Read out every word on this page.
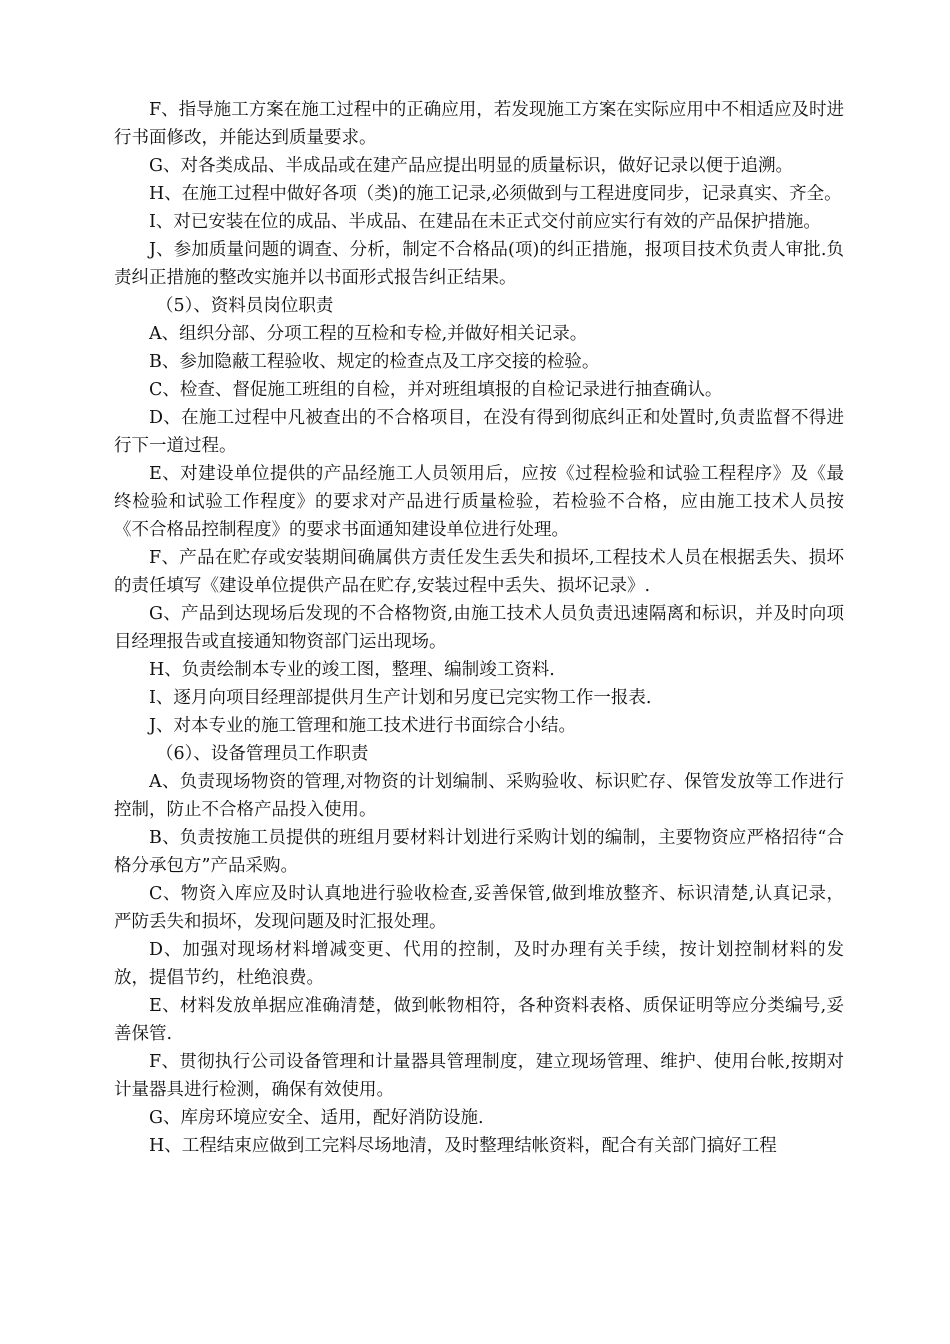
F、指导施工方案在施工过程中的正确应用，若发现施工方案在实际应用中不相适应及时进行书面修改，并能达到质量要求。

G、对各类成品、半成品或在建产品应提出明显的质量标识，做好记录以便于追溯。

H、在施工过程中做好各项（类)的施工记录,必须做到与工程进度同步，记录真实、齐全。

I、对已安装在位的成品、半成品、在建品在未正式交付前应实行有效的产品保护措施。

J、参加质量问题的调查、分析，制定不合格品(项)的纠正措施，报项目技术负责人审批.负责纠正措施的整改实施并以书面形式报告纠正结果。

（5）、资料员岗位职责

A、组织分部、分项工程的互检和专检,并做好相关记录。

B、参加隐蔽工程验收、规定的检查点及工序交接的检验。

C、检查、督促施工班组的自检，并对班组填报的自检记录进行抽查确认。

D、在施工过程中凡被查出的不合格项目，在没有得到彻底纠正和处置时,负责监督不得进行下一道过程。

E、对建设单位提供的产品经施工人员领用后，应按《过程检验和试验工程程序》及《最终检验和试验工作程度》的要求对产品进行质量检验，若检验不合格，应由施工技术人员按《不合格品控制程度》的要求书面通知建设单位进行处理。

F、产品在贮存或安装期间确属供方责任发生丢失和损坏,工程技术人员在根据丢失、损坏的责任填写《建设单位提供产品在贮存,安装过程中丢失、损坏记录》.

G、产品到达现场后发现的不合格物资,由施工技术人员负责迅速隔离和标识，并及时向项目经理报告或直接通知物资部门运出现场。

H、负责绘制本专业的竣工图，整理、编制竣工资料.

I、逐月向项目经理部提供月生产计划和另度已完实物工作一报表.

J、对本专业的施工管理和施工技术进行书面综合小结。

（6）、设备管理员工作职责

A、负责现场物资的管理,对物资的计划编制、采购验收、标识贮存、保管发放等工作进行控制，防止不合格产品投入使用。

B、负责按施工员提供的班组月要材料计划进行采购计划的编制，主要物资应严格招待“合格分承包方”产品采购。

C、物资入库应及时认真地进行验收检查,妥善保管,做到堆放整齐、标识清楚,认真记录，严防丢失和损坏，发现问题及时汇报处理。

D、加强对现场材料增减变更、代用的控制，及时办理有关手续，按计划控制材料的发放，提倡节约，杜绝浪费。

E、材料发放单据应准确清楚，做到帐物相符，各种资料表格、质保证明等应分类编号,妥善保管.

F、贯彻执行公司设备管理和计量器具管理制度，建立现场管理、维护、使用台帐,按期对计量器具进行检测，确保有效使用。

G、库房环境应安全、适用，配好消防设施.

H、工程结束应做到工完料尽场地清，及时整理结帐资料，配合有关部门搞好工程
